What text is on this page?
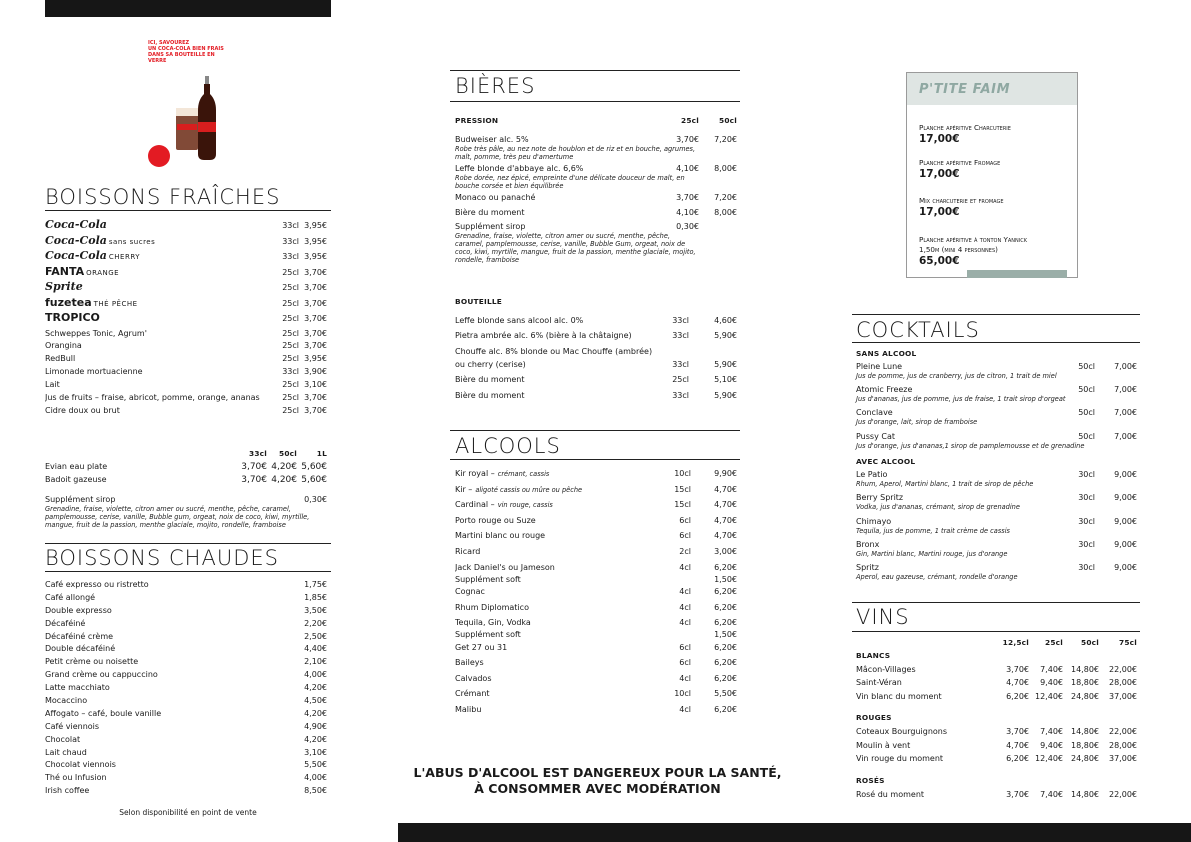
ICI, SAVOUREZ
UN COCA-COLA BIEN FRAIS
DANS SA BOUTEILLE EN VERRE
BOISSONS FRAÎCHES
Coca-Cola	33cl 3,95€
Coca-Cola sans sucres	33cl 3,95€
Coca-Cola CHERRY	33cl 3,95€
FANTA ORANGE	25cl 3,70€
Sprite	25cl 3,70€
fuzetea THÉ PÊCHE	25cl 3,70€
TROPICO	25cl 3,70€
Schweppes Tonic, Agrum'	25cl 3,70€
Orangina	25cl 3,70€
RedBull	25cl 3,95€
Limonade mortuacienne	33cl 3,90€
Lait	25cl 3,10€
Jus de fruits – fraise, abricot, pomme, orange, ananas	25cl 3,70€
Cidre doux ou brut	25cl 3,70€
33cl	50cl	1L
Evian eau plate	3,70€ 4,20€ 5,60€
Badoit gazeuse	3,70€ 4,20€ 5,60€
Supplément sirop	0,30€
Grenadine, fraise, violette, citron amer ou sucré, menthe, pêche, caramel, pamplemousse, cerise, vanille, Bubble gum, orgeat, noix de coco, kiwi, myrtille, mangue, fruit de la passion, menthe glaciale, mojito, rondelle, framboise
BOISSONS CHAUDES
Café expresso ou ristretto	1,75€
Café allongé	1,85€
Double expresso	3,50€
Décaféiné	2,20€
Décaféiné crème	2,50€
Double décaféiné	4,40€
Petit crème ou noisette	2,10€
Grand crème ou cappuccino	4,00€
Latte macchiato	4,20€
Mocaccino	4,50€
Affogato – café, boule vanille	4,20€
Café viennois	4,90€
Chocolat	4,20€
Lait chaud	3,10€
Chocolat viennois	5,50€
Thé ou Infusion	4,00€
Irish coffee	8,50€
Selon disponibilité en point de vente
BIÈRES
PRESSION	25cl	50cl
Budweiser alc. 5%	3,70€	7,20€
Robe très pâle, au nez note de houblon et de riz et en bouche, agrumes, malt, pomme, très peu d'amertume
Leffe blonde d'abbaye alc. 6,6%	4,10€	8,00€
Robe dorée, nez épicé, empreinte d'une délicate douceur de malt, en bouche corsée et bien équilibrée
Monaco ou panaché	3,70€	7,20€
Bière du moment	4,10€	8,00€
Supplément sirop	0,30€
Grenadine, fraise, violette, citron amer ou sucré, menthe, pêche, caramel, pamplemousse, cerise, vanille, Bubble Gum, orgeat, noix de coco, kiwi, myrtille, mangue, fruit de la passion, menthe glaciale, mojito, rondelle, framboise
BOUTEILLE
Leffe blonde sans alcool alc. 0%	33cl	4,60€
Pietra ambrée alc. 6% (bière à la châtaigne)	33cl	5,90€
Chouffe alc. 8% blonde ou Mac Chouffe (ambrée)
ou cherry (cerise)	33cl	5,90€
Bière du moment	25cl	5,10€
Bière du moment	33cl	5,90€
ALCOOLS
Kir royal – crémant, cassis	10cl	9,90€
Kir – aligoté cassis ou mûre ou pêche	15cl	4,70€
Cardinal – vin rouge, cassis	15cl	4,70€
Porto rouge ou Suze	6cl	4,70€
Martini blanc ou rouge	6cl	4,70€
Ricard	2cl	3,00€
Jack Daniel's ou Jameson	4cl	6,20€
Supplément soft	1,50€
Cognac	4cl	6,20€
Rhum Diplomatico	4cl	6,20€
Tequila, Gin, Vodka	4cl	6,20€
Supplément soft	1,50€
Get 27 ou 31	6cl	6,20€
Baileys	6cl	6,20€
Calvados	4cl	6,20€
Crémant	10cl	5,50€
Malibu	4cl	6,20€
L'ABUS D'ALCOOL EST DANGEREUX POUR LA SANTÉ,
À CONSOMMER AVEC MODÉRATION
P'TITE FAIM
Planche apéritive Charcuterie
17,00€
Planche apéritive Fromage
17,00€
Mix charcuterie et fromage
17,00€
Planche apéritive à tonton Yannick
1,50m (mini 4 personnes)
65,00€
COCKTAILS
SANS ALCOOL
Pleine Lune	50cl	7,00€
Jus de pomme, jus de cranberry, jus de citron, 1 trait de miel
Atomic Freeze	50cl	7,00€
Jus d'ananas, jus de pomme, jus de fraise, 1 trait sirop d'orgeat
Conclave	50cl	7,00€
Jus d'orange, lait, sirop de framboise
Pussy Cat	50cl	7,00€
Jus d'orange, jus d'ananas,1 sirop de pamplemousse et de grenadine
AVEC ALCOOL
Le Patio	30cl	9,00€
Rhum, Aperol, Martini blanc, 1 trait de sirop de pêche
Berry Spritz	30cl	9,00€
Vodka, jus d'ananas, crémant, sirop de grenadine
Chimayo	30cl	9,00€
Tequila, jus de pomme, 1 trait crème de cassis
Bronx	30cl	9,00€
Gin, Martini blanc, Martini rouge, jus d'orange
Spritz	30cl	9,00€
Aperol, eau gazeuse, crémant, rondelle d'orange
VINS
12,5cl	25cl	50cl	75cl
BLANCS
Mâcon-Villages	3,70€	7,40€	14,80€	22,00€
Saint-Véran	4,70€	9,40€	18,80€	28,00€
Vin blanc du moment	6,20€ 12,40€	24,80€	37,00€
ROUGES
Coteaux Bourguignons	3,70€	7,40€	14,80€	22,00€
Moulin à vent	4,70€	9,40€	18,80€	28,00€
Vin rouge du moment	6,20€ 12,40€	24,80€	37,00€
ROSÉS
Rosé du moment	3,70€	7,40€	14,80€	22,00€
